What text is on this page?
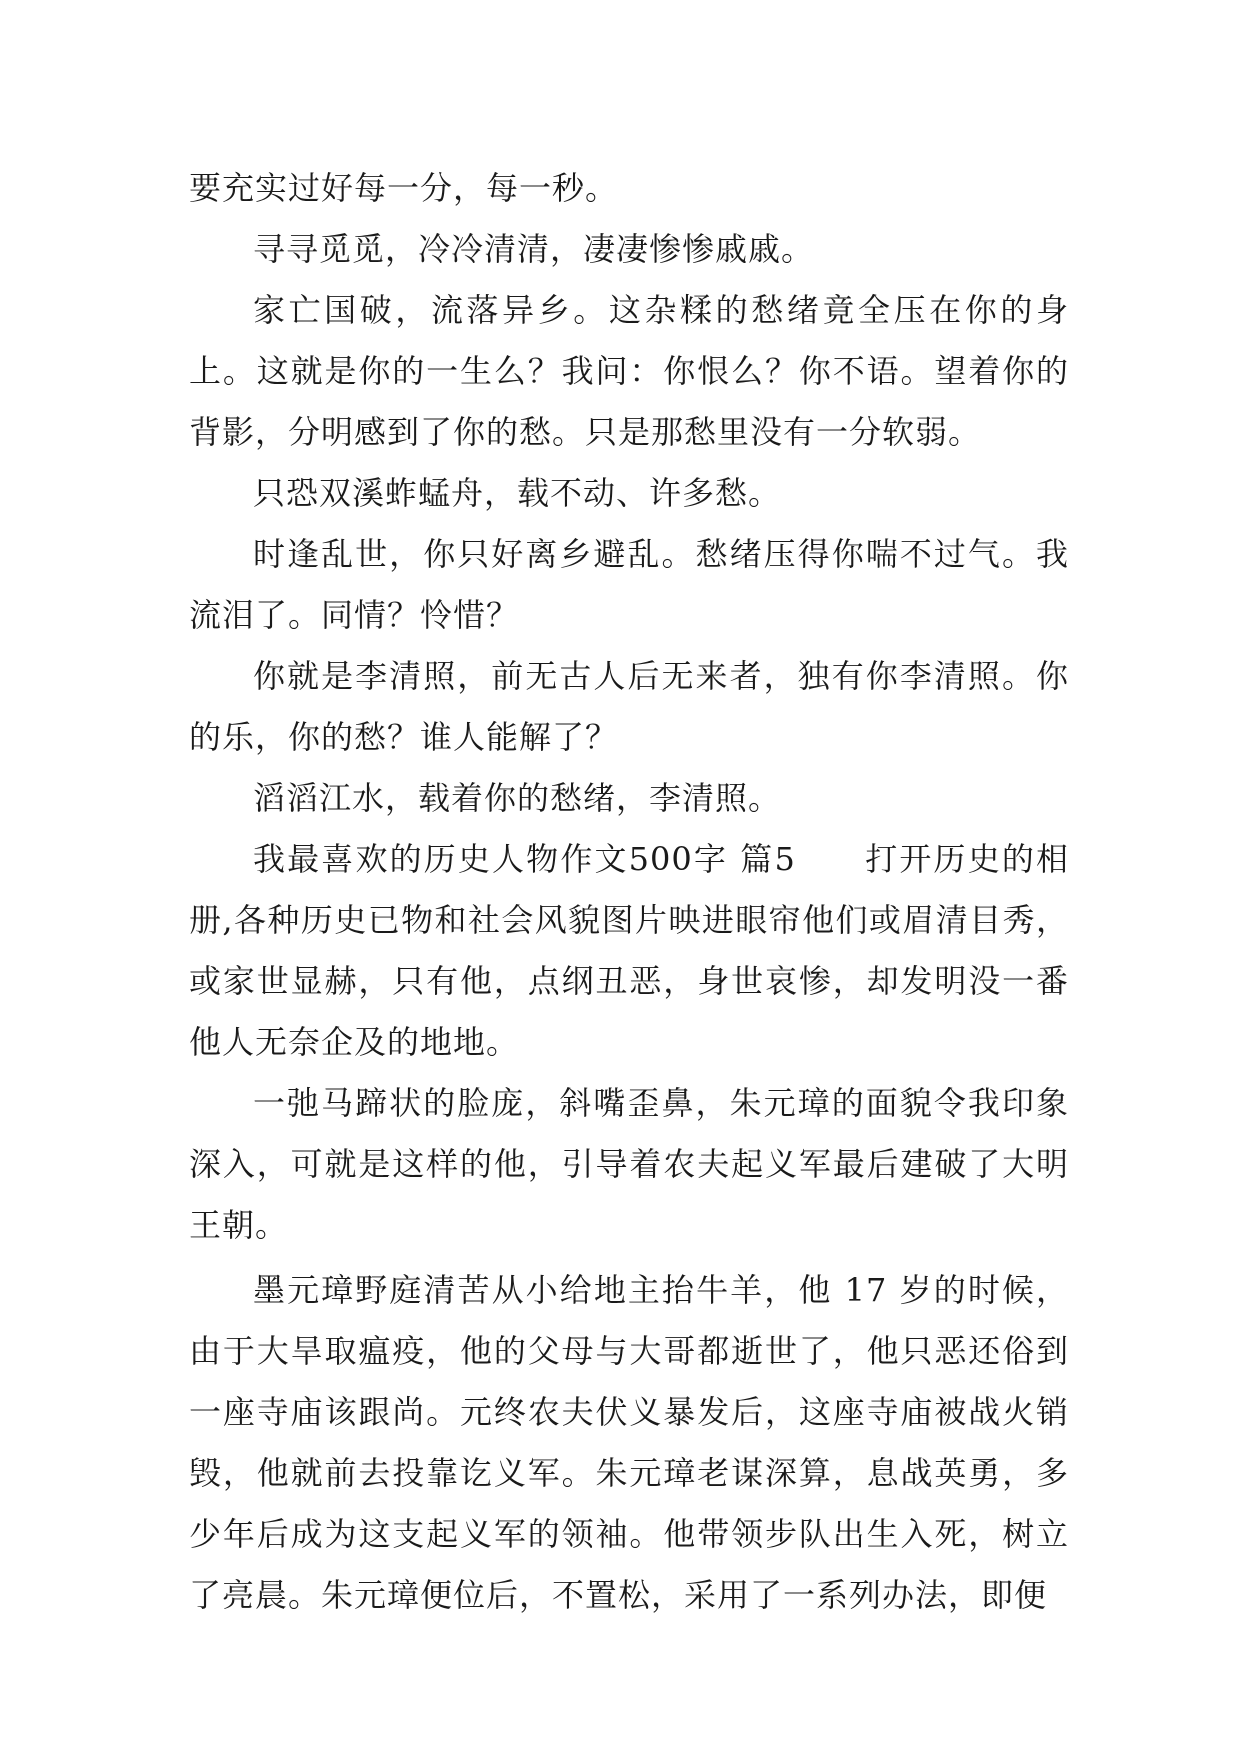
要充实过好每一分，每一秒。

寻寻觅觅，冷冷清清，凄凄惨惨戚戚。

家亡国破，流落异乡。这杂糅的愁绪竟全压在你的身上。这就是你的一生么？我问：你恨么？你不语。望着你的背影，分明感到了你的愁。只是那愁里没有一分软弱。

只恐双溪蚱蜢舟，载不动、许多愁。

时逢乱世，你只好离乡避乱。愁绪压得你喘不过气。我流泪了。同情？怜惜？

你就是李清照，前无古人后无来者，独有你李清照。你的乐，你的愁？谁人能解了？

滔滔江水，载着你的愁绪，李清照。

我最喜欢的历史人物作文500字 篇5　　打开历史的相册,各种历史已物和社会风貌图片映进眼帘他们或眉清目秀，或家世显赫，只有他，点纲丑恶，身世哀惨，却发明没一番他人无奈企及的地地。

一弛马蹄状的脸庞，斜嘴歪鼻，朱元璋的面貌令我印象深入，可就是这样的他，引导着农夫起义军最后建破了大明王朝。

墨元璋野庭清苦从小给地主抬牛羊，他 17 岁的时候，由于大旱取瘟疫，他的父母与大哥都逝世了，他只恶还俗到一座寺庙该跟尚。元终农夫伏义暴发后，这座寺庙被战火销毁，他就前去投靠讫义军。朱元璋老谋深算，息战英勇，多少年后成为这支起义军的领袖。他带领步队出生入死，树立了亮晨。朱元璋便位后，不置松，采用了一系列办法，即便
